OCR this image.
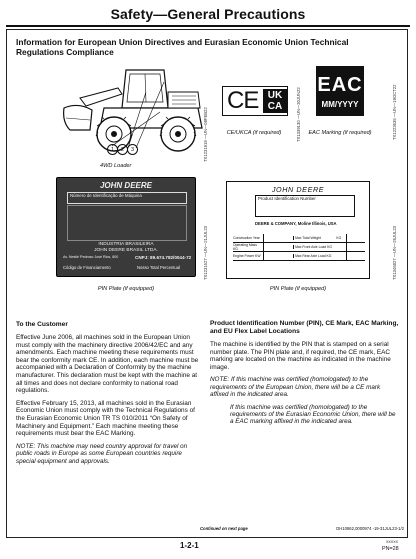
Safety—General Precautions
Information for European Union Directives and Eurasian Economic Union Technical Regulations Compliance
1	2	3
4WD Loader
TX1231919 —UN—08FEB22
CE UK
CA
CE/UKCA (if required)	TX1339130 —UN—30JUN22
EAC
MM/YYYY
EAC Marking (if required)	TX1223635 —UN—19OCT22
JOHN DEERE
Número de Identificação de Máquina
INDUSTRIA BRASILEIRA
JOHN DEERE BRASIL LTDA.
Av. Nestlé Pedroso José Rios, 800	CNPJ: 89.674.782/0044-72
Código de Financiamento	Nosso Total Percentual
PIN Plate (if equipped)
TX1231527 —UN—21JUL23
JOHN DEERE
Product Identification Number
DEERE & COMPANY, Moline Illinois, USA
Construction Year	Max Total Weight	KG
Operating Mass KG	Max Front Axle Load KG
Engine Power KW	Max Rear Axle Load KG
PIN Plate (if equipped)
TX1346827 —UN—26JUL23
To the Customer
Effective June 2006, all machines sold in the European Union must comply with the machinery directive 2006/42/EC and any amendments. Each machine meeting these requirements must bear the conformity mark CE. In addition, each machine must be accompanied with a Declaration of Conformity by the machine manufacturer. This declaration must be kept with the machine at all times and does not declare conformity to national road regulations.
Effective February 15, 2013, all machines sold in the Eurasian Economic Union must comply with the Technical Regulations of the Eurasian Economic Union TR TS 010/2011 “On Safety of Machinery and Equipment.” Each machine meeting these requirements must bear the EAC Marking.
NOTE: This machine may need country approval for travel on public roads in Europe as some European countries require special equipment and approvals.
Product Identification Number (PIN), CE Mark, EAC Marking, and EU Flex Label Locations
The machine is identified by the PIN that is stamped on a serial number plate. The PIN plate and, if required, the CE mark, EAC marking are located on the machine as indicated in the machine image.
NOTE: If this machine was certified (homologated) to the requirements of the European Union, there will be a CE mark affixed in the indicated area.
If this machine was certified (homologated) to the requirements of the Eurasian Economic Union, there will be a EAC marking affixed in the indicated area.
Continued on next page	DH10862,0000974 -19-31JUL23-1/2
1-2-1	XXXXX
PN=28
